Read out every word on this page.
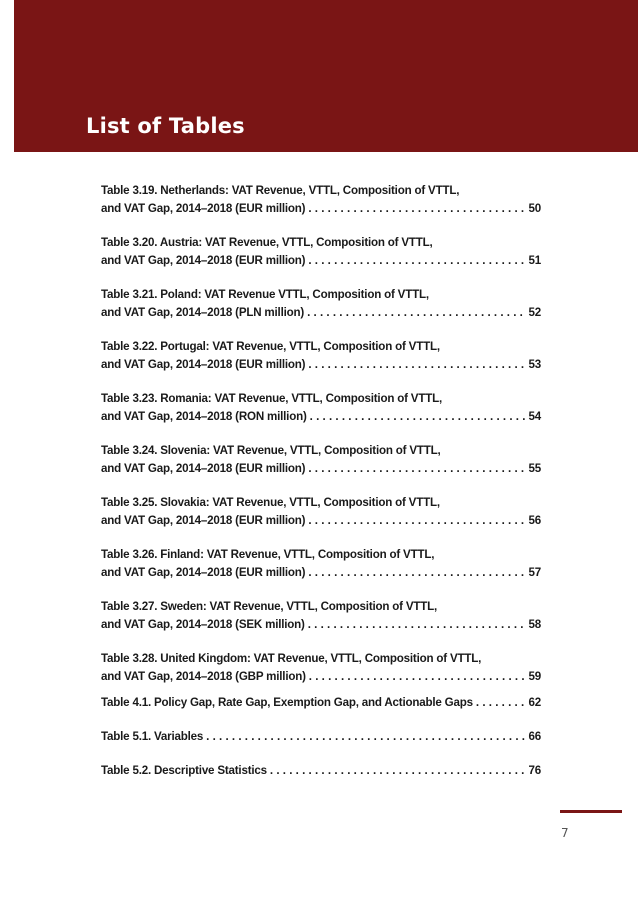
List of Tables
Table 3.19. Netherlands: VAT Revenue, VTTL, Composition of VTTL,
and VAT Gap, 2014–2018 (EUR million) . . .	50
Table 3.20. Austria: VAT Revenue, VTTL, Composition of VTTL,
and VAT Gap, 2014–2018 (EUR million) . . .	51
Table 3.21. Poland: VAT Revenue VTTL, Composition of VTTL,
and VAT Gap, 2014–2018 (PLN million) . . .	52
Table 3.22. Portugal: VAT Revenue, VTTL, Composition of VTTL,
and VAT Gap, 2014–2018 (EUR million) . . .	53
Table 3.23. Romania: VAT Revenue, VTTL, Composition of VTTL,
and VAT Gap, 2014–2018 (RON million) . . .	54
Table 3.24. Slovenia: VAT Revenue, VTTL, Composition of VTTL,
and VAT Gap, 2014–2018 (EUR million) . . .	55
Table 3.25. Slovakia: VAT Revenue, VTTL, Composition of VTTL,
and VAT Gap, 2014–2018 (EUR million) . . .	56
Table 3.26. Finland: VAT Revenue, VTTL, Composition of VTTL,
and VAT Gap, 2014–2018 (EUR million) . . .	57
Table 3.27. Sweden: VAT Revenue, VTTL, Composition of VTTL,
and VAT Gap, 2014–2018 (SEK million) . . .	58
Table 3.28. United Kingdom: VAT Revenue, VTTL, Composition of VTTL,
and VAT Gap, 2014–2018 (GBP million) . . .	59
Table 4.1. Policy Gap, Rate Gap, Exemption Gap, and Actionable Gaps . . .	62
Table 5.1. Variables . . .	66
Table 5.2. Descriptive Statistics . . .	76
7
